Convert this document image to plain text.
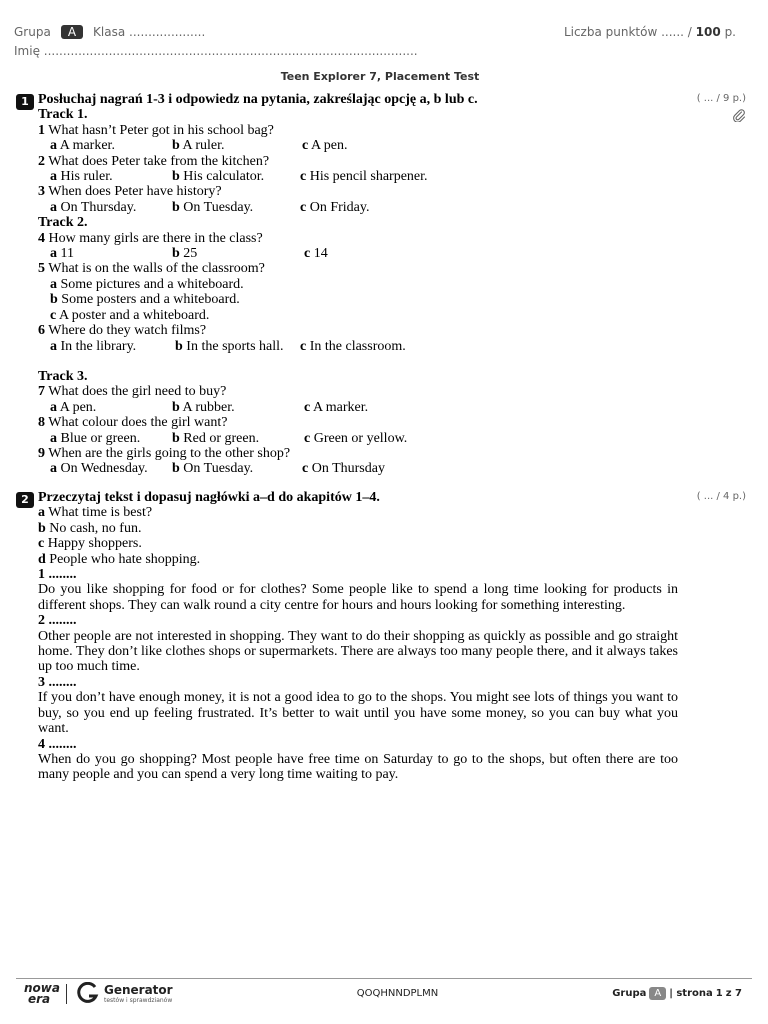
Grupa	A	Klasa ....................
Imię ..................................................................................................
Liczba punktów ...... / 100 p.
Teen Explorer 7, Placement Test
1	( ... / 9 p.)
Posłuchaj nagrań 1-3 i odpowiedz na pytania, zakreślając opcję a, b lub c.
Track 1.
1 What hasn’t Peter got in his school bag?
a A marker.	b A ruler.	c A pen.
2 What does Peter take from the kitchen?
a His ruler.	b His calculator.	c His pencil sharpener.
3 When does Peter have history?
a On Thursday.	b On Tuesday.	c On Friday.
Track 2.
4 How many girls are there in the class?
a 11	b 25	c 14
5 What is on the walls of the classroom?
a Some pictures and a whiteboard.
b Some posters and a whiteboard.
c A poster and a whiteboard.
6 Where do they watch films?
a In the library.	b In the sports hall.	c In the classroom.
Track 3.
7 What does the girl need to buy?
a A pen.	b A rubber.	c A marker.
8 What colour does the girl want?
a Blue or green.	b Red or green.	c Green or yellow.
9 When are the girls going to the other shop?
a On Wednesday.	b On Tuesday.	c On Thursday
2	( ... / 4 p.)
Przeczytaj tekst i dopasuj nagłówki a–d do akapitów 1–4.
a What time is best?
b No cash, no fun.
c Happy shoppers.
d People who hate shopping.
1 ........
Do you like shopping for food or for clothes? Some people like to spend a long time looking for products in different shops. They can walk round a city centre for hours and hours looking for something interesting.
2 ........
Other people are not interested in shopping. They want to do their shopping as quickly as possible and go straight home. They don’t like clothes shops or supermarkets. There are always too many people there, and it always takes up too much time.
3 ........
If you don’t have enough money, it is not a good idea to go to the shops. You might see lots of things you want to buy, so you end up feeling frustrated. It’s better to wait until you have some money, so you can buy what you want.
4 ........
When do you go shopping? Most people have free time on Saturday to go to the shops, but often there are too many people and you can spend a very long time waiting to pay.
nowa
era
Generator
testów i sprawdzianów
QOQHNNDPLMN	Grupa A | strona 1 z 7
